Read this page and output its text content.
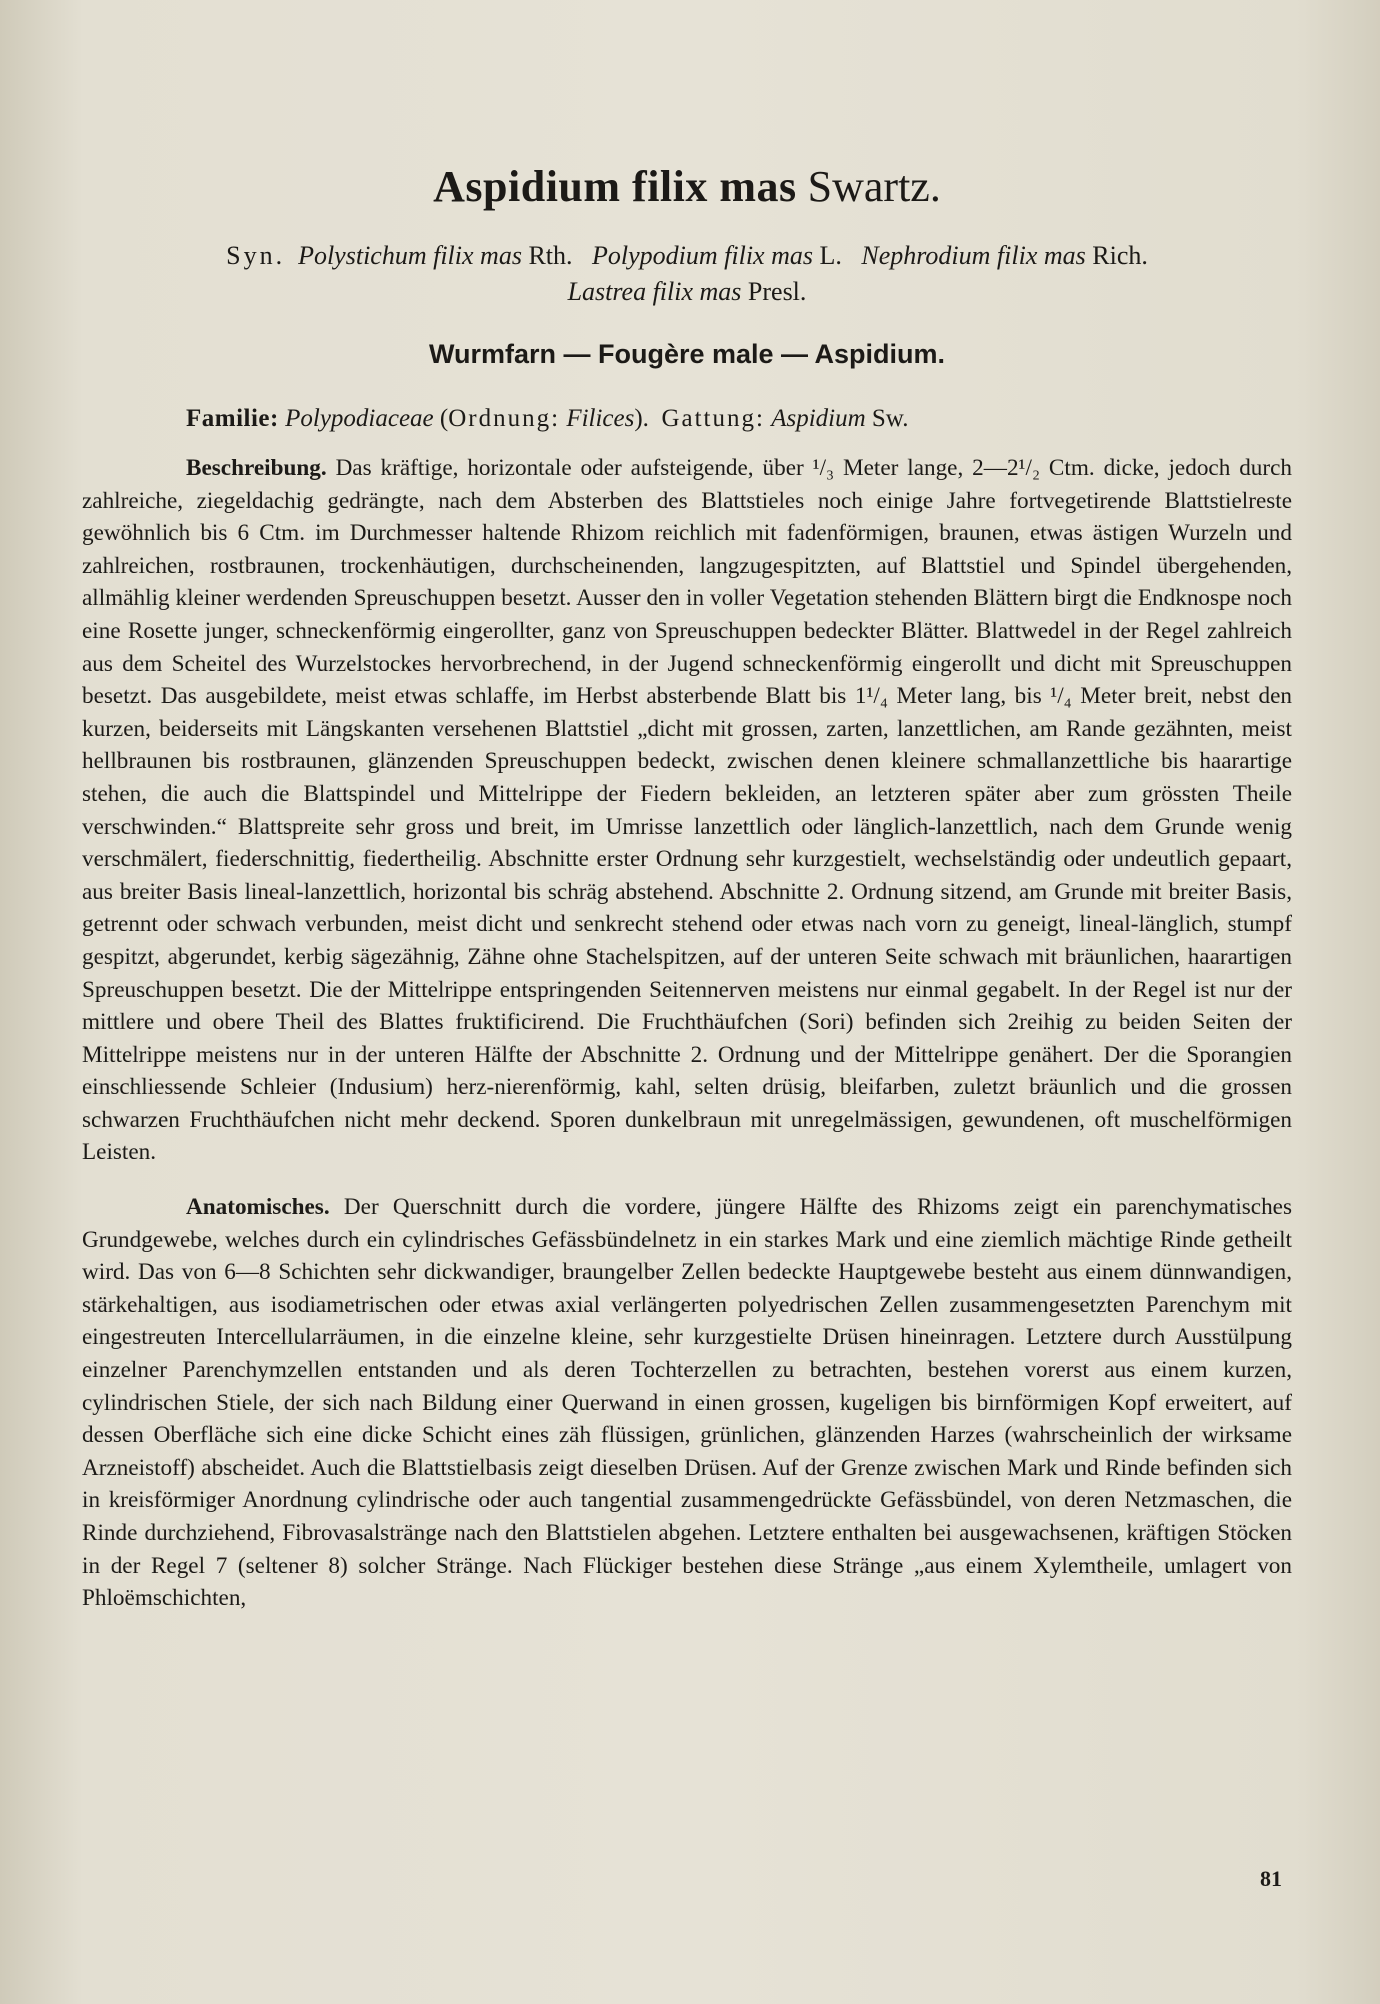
Aspidium filix mas Swartz.

Syn. Polystichum filix mas Rth. Polypodium filix mas L. Nephrodium filix mas Rich.
Lastrea filix mas Presl.

Wurmfarn — Fougère male — Aspidium.

Familie: Polypodiaceae (Ordnung: Filices). Gattung: Aspidium Sw.

Beschreibung. Das kräftige, horizontale oder aufsteigende, über ¹/₃ Meter lange, 2—2¹/₂ Ctm. dicke, jedoch durch zahlreiche, ziegeldachig gedrängte, nach dem Absterben des Blattstieles noch einige Jahre fortvegetirende Blattstielreste gewöhnlich bis 6 Ctm. im Durchmesser haltende Rhizom reichlich mit fadenförmigen, braunen, etwas ästigen Wurzeln und zahlreichen, rostbraunen, trockenhäutigen, durchscheinenden, langzugespitzten, auf Blattstiel und Spindel übergehenden, allmählig kleiner werdenden Spreuschuppen besetzt. Ausser den in voller Vegetation stehenden Blättern birgt die Endknospe noch eine Rosette junger, schneckenförmig eingerollter, ganz von Spreuschuppen bedeckter Blätter. Blattwedel in der Regel zahlreich aus dem Scheitel des Wurzelstockes hervorbrechend, in der Jugend schneckenförmig eingerollt und dicht mit Spreuschuppen besetzt. Das ausgebildete, meist etwas schlaffe, im Herbst absterbende Blatt bis 1¹/₄ Meter lang, bis ¹/₄ Meter breit, nebst den kurzen, beiderseits mit Längskanten versehenen Blattstiel „dicht mit grossen, zarten, lanzettlichen, am Rande gezähnten, meist hellbraunen bis rostbraunen, glänzenden Spreuschuppen bedeckt, zwischen denen kleinere schmallanzettliche bis haarartige stehen, die auch die Blattspindel und Mittelrippe der Fiedern bekleiden, an letzteren später aber zum grössten Theile verschwinden.“ Blattspreite sehr gross und breit, im Umrisse lanzettlich oder länglich-lanzettlich, nach dem Grunde wenig verschmälert, fiederschnittig, fiedertheilig. Abschnitte erster Ordnung sehr kurzgestielt, wechselständig oder undeutlich gepaart, aus breiter Basis lineal-lanzettlich, horizontal bis schräg abstehend. Abschnitte 2. Ordnung sitzend, am Grunde mit breiter Basis, getrennt oder schwach verbunden, meist dicht und senkrecht stehend oder etwas nach vorn zu geneigt, lineal-länglich, stumpf gespitzt, abgerundet, kerbig sägezähnig, Zähne ohne Stachelspitzen, auf der unteren Seite schwach mit bräunlichen, haarartigen Spreuschuppen besetzt. Die der Mittelrippe entspringenden Seitennerven meistens nur einmal gegabelt. In der Regel ist nur der mittlere und obere Theil des Blattes fruktificirend. Die Fruchthäufchen (Sori) befinden sich 2reihig zu beiden Seiten der Mittelrippe meistens nur in der unteren Hälfte der Abschnitte 2. Ordnung und der Mittelrippe genähert. Der die Sporangien einschliessende Schleier (Indusium) herz-nierenförmig, kahl, selten drüsig, bleifarben, zuletzt bräunlich und die grossen schwarzen Fruchthäufchen nicht mehr deckend. Sporen dunkelbraun mit unregelmässigen, gewundenen, oft muschelförmigen Leisten.

Anatomisches. Der Querschnitt durch die vordere, jüngere Hälfte des Rhizoms zeigt ein parenchymatisches Grundgewebe, welches durch ein cylindrisches Gefässbündelnetz in ein starkes Mark und eine ziemlich mächtige Rinde getheilt wird. Das von 6—8 Schichten sehr dickwandiger, braungelber Zellen bedeckte Hauptgewebe besteht aus einem dünnwandigen, stärkehaltigen, aus isodiametrischen oder etwas axial verlängerten polyedrischen Zellen zusammengesetzten Parenchym mit eingestreuten Intercellularräumen, in die einzelne kleine, sehr kurzgestielte Drüsen hineinragen. Letztere durch Ausstülpung einzelner Parenchymzellen entstanden und als deren Tochterzellen zu betrachten, bestehen vorerst aus einem kurzen, cylindrischen Stiele, der sich nach Bildung einer Querwand in einen grossen, kugeligen bis birnförmigen Kopf erweitert, auf dessen Oberfläche sich eine dicke Schicht eines zäh flüssigen, grünlichen, glänzenden Harzes (wahrscheinlich der wirksame Arzneistoff) abscheidet. Auch die Blattstielbasis zeigt dieselben Drüsen. Auf der Grenze zwischen Mark und Rinde befinden sich in kreisförmiger Anordnung cylindrische oder auch tangential zusammengedrückte Gefässbündel, von deren Netzmaschen, die Rinde durchziehend, Fibrovasalstränge nach den Blattstielen abgehen. Letztere enthalten bei ausgewachsenen, kräftigen Stöcken in der Regel 7 (seltener 8) solcher Stränge. Nach Flückiger bestehen diese Stränge „aus einem Xylemtheile, umlagert von Phloëmschichten,

81
